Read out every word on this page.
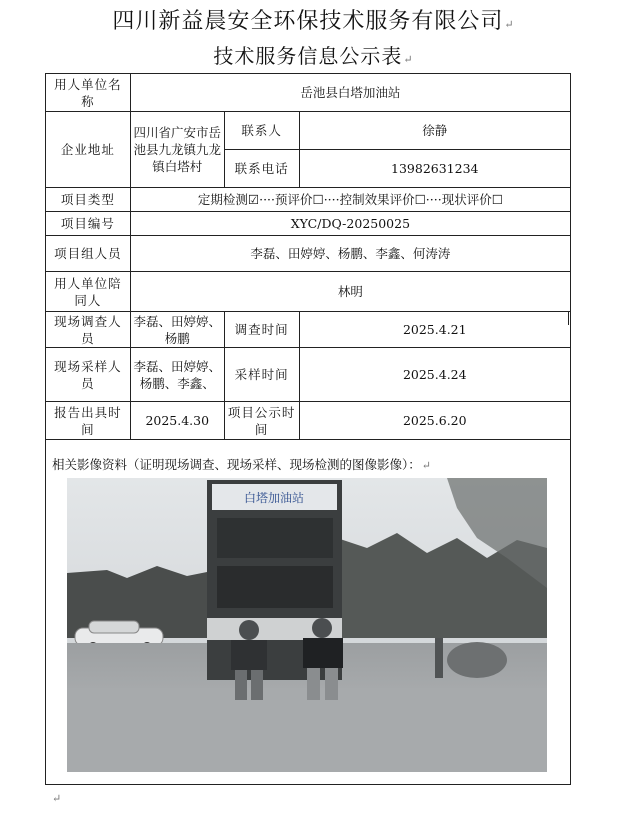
四川新益晨安全环保技术服务有限公司↵
技术服务信息公示表↵
用人单位名称	岳池县白塔加油站		
企业地址	四川省广安市岳池县九龙镇九龙镇白塔村	联系人	徐静
		联系电话	13982631234
项目类型	定期检测☑····预评价☐····控制效果评价☐····现状评价☐		
项目编号	XYC/DQ-20250025		
项目组人员	李磊、田婷婷、杨鹏、李鑫、何涛涛		
用人单位陪同人	林明		
现场调查人员	李磊、田婷婷、杨鹏	调查时间	2025.4.21
现场采样人员	李磊、田婷婷、杨鹏、李鑫、	采样时间	2025.4.24
报告出具时间	2025.4.30	项目公示时间	2025.6.20

相关影像资料（证明现场调查、现场采样、现场检测的图像影像）：↵
白塔加油站
↵
